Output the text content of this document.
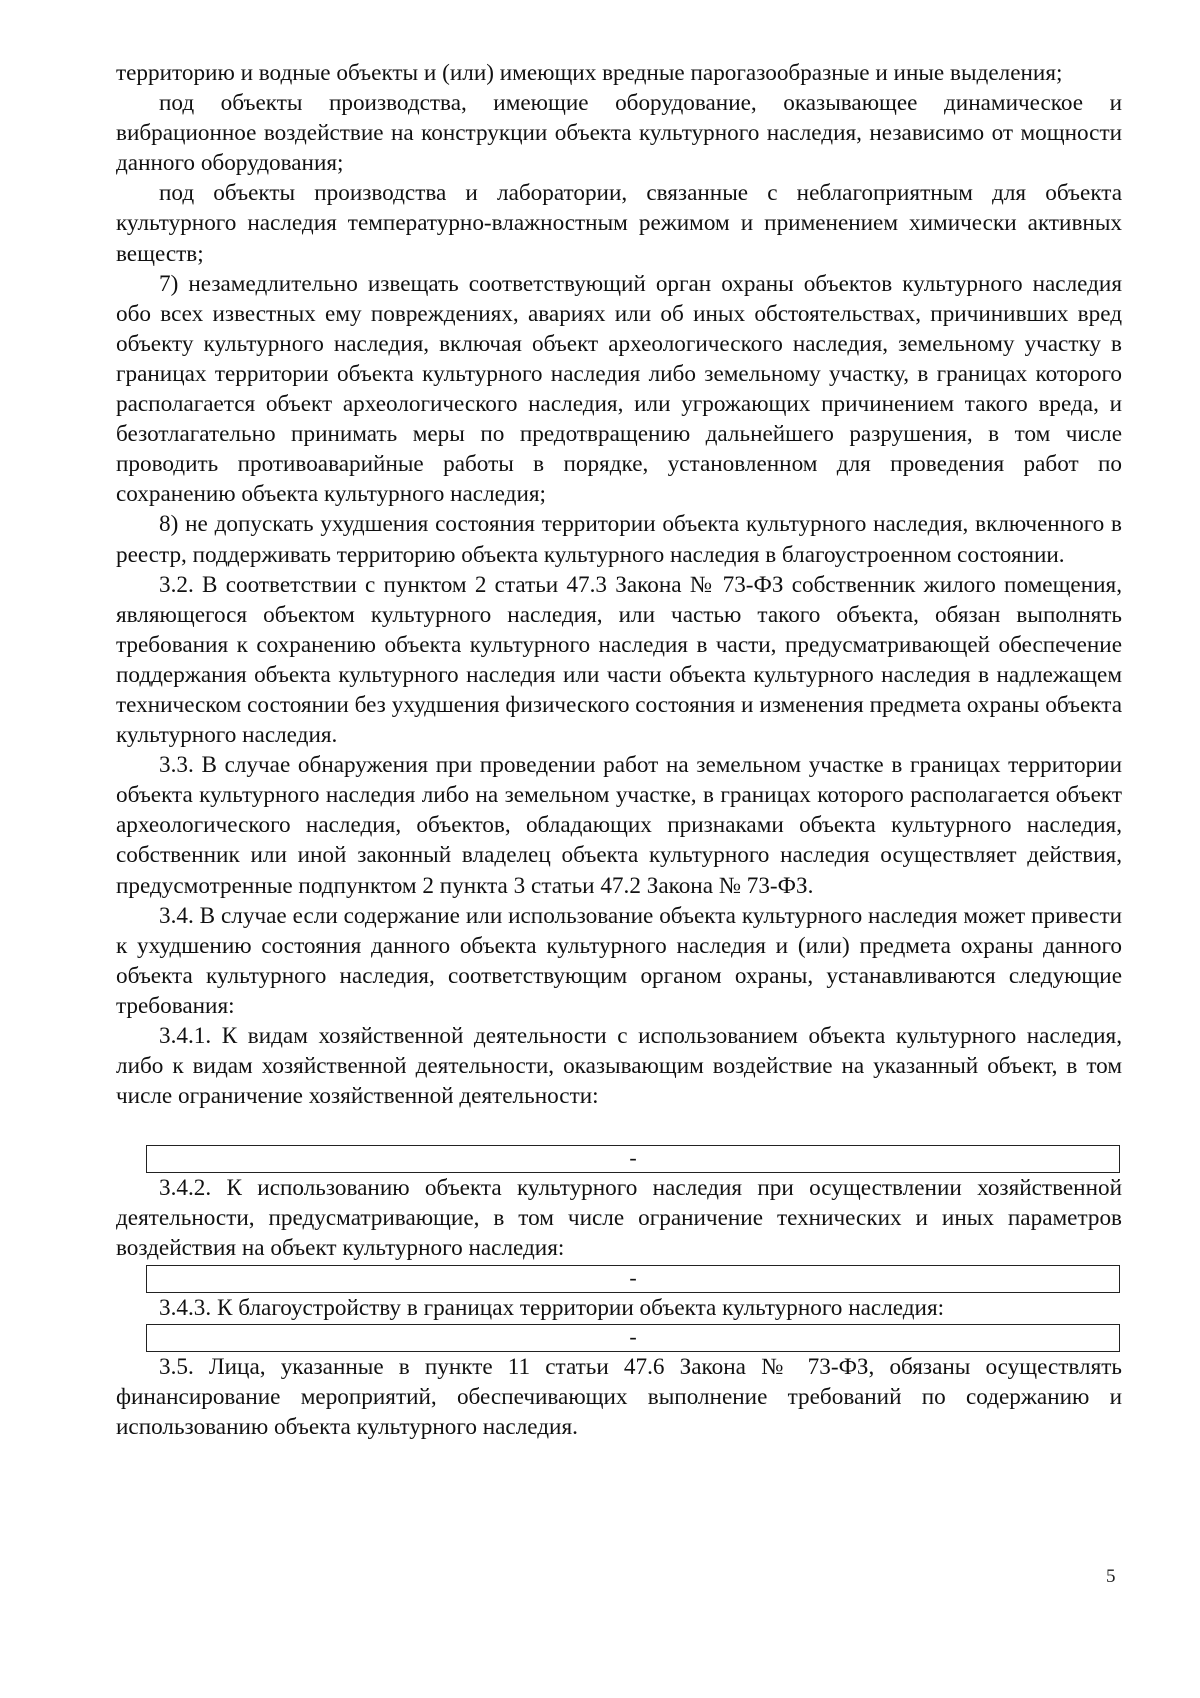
территорию и водные объекты и (или) имеющих вредные парогазообразные и иные выделения;

под объекты производства, имеющие оборудование, оказывающее динамическое и вибрационное воздействие на конструкции объекта культурного наследия, независимо от мощности данного оборудования;

под объекты производства и лаборатории, связанные с неблагоприятным для объекта культурного наследия температурно-влажностным режимом и применением химически активных веществ;

7) незамедлительно извещать соответствующий орган охраны объектов культурного наследия обо всех известных ему повреждениях, авариях или об иных обстоятельствах, причинивших вред объекту культурного наследия, включая объект археологического наследия, земельному участку в границах территории объекта культурного наследия либо земельному участку, в границах которого располагается объект археологического наследия, или угрожающих причинением такого вреда, и безотлагательно принимать меры по предотвращению дальнейшего разрушения, в том числе проводить противоаварийные работы в порядке, установленном для проведения работ по сохранению объекта культурного наследия;

8) не допускать ухудшения состояния территории объекта культурного наследия, включенного в реестр, поддерживать территорию объекта культурного наследия в благоустроенном состоянии.

3.2. В соответствии с пунктом 2 статьи 47.3 Закона № 73-ФЗ собственник жилого помещения, являющегося объектом культурного наследия, или частью такого объекта, обязан выполнять требования к сохранению объекта культурного наследия в части, предусматривающей обеспечение поддержания объекта культурного наследия или части объекта культурного наследия в надлежащем техническом состоянии без ухудшения физического состояния и изменения предмета охраны объекта культурного наследия.

3.3. В случае обнаружения при проведении работ на земельном участке в границах территории объекта культурного наследия либо на земельном участке, в границах которого располагается объект археологического наследия, объектов, обладающих признаками объекта культурного наследия, собственник или иной законный владелец объекта культурного наследия осуществляет действия, предусмотренные подпунктом 2 пункта 3 статьи 47.2 Закона № 73-ФЗ.

3.4. В случае если содержание или использование объекта культурного наследия может привести к ухудшению состояния данного объекта культурного наследия и (или) предмета охраны данного объекта культурного наследия, соответствующим органом охраны, устанавливаются следующие требования:

3.4.1. К видам хозяйственной деятельности с использованием объекта культурного наследия, либо к видам хозяйственной деятельности, оказывающим воздействие на указанный объект, в том числе ограничение хозяйственной деятельности:

-

3.4.2. К использованию объекта культурного наследия при осуществлении хозяйственной деятельности, предусматривающие, в том числе ограничение технических и иных параметров воздействия на объект культурного наследия:

-

3.4.3. К благоустройству в границах территории объекта культурного наследия:

-

3.5. Лица, указанные в пункте 11 статьи 47.6 Закона № 73-ФЗ, обязаны осуществлять финансирование мероприятий, обеспечивающих выполнение требований по содержанию и использованию объекта культурного наследия.

5
